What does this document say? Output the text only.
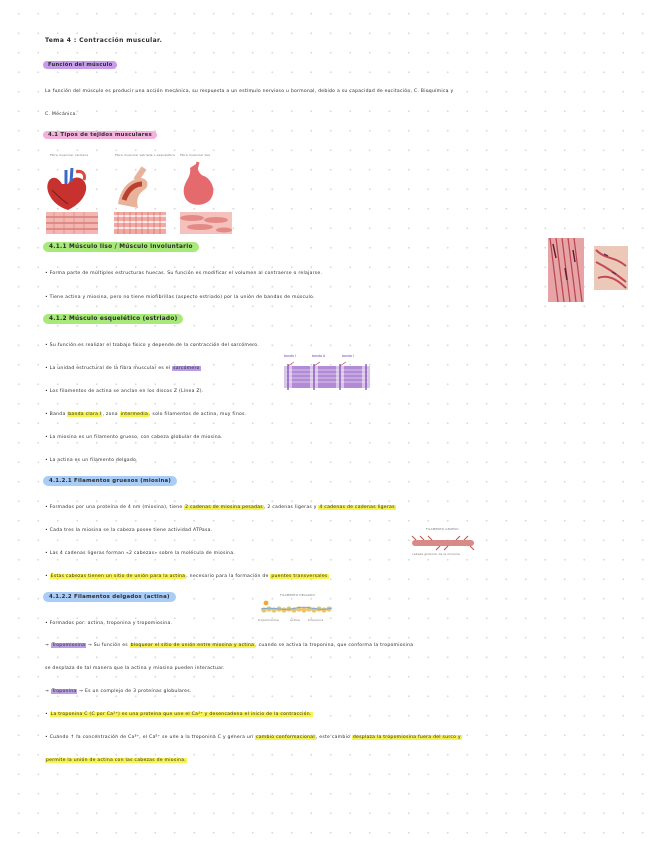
Tema 4 : Contracción muscular.
Función del músculo
La función del músculo es producir una acción mecánica, su respuesta a un estímulo nervioso u hormonal, debido a su capacidad de excitación, C. Bioquímica y
C. Mecánica.
4.1 Tipos de tejidos musculares
Fibra muscular cardíaca	Fibra muscular estriada o esquelética Fibra muscular lisa
4.1.1 Músculo liso / Músculo involuntario
• Forma parte de múltiples estructuras huecas. Su función es modificar el volumen al contraerse o relajarse.
• Tiene actina y miosina, pero no tiene miofibrillas (aspecto estriado) por la unión de bandas de músculo.
4.1.2 Músculo esquelético (estriado)
• Su función es realizar el trabajo físico y depende de la contracción del sarcómero.
• La unidad estructural de la fibra muscular es el sarcómero
• Los filamentos de actina se anclan en los discos Z (Línea Z).
• Banda banda clara I, zona intermedia, solo filamentos de actina, muy finos.
• La miosina es un filamento grueso, con cabeza globular de miosina.
• La actina es un filamento delgado.
banda I	banda A	banda I
4.1.2.1 Filamentos gruesos (miosina)
• Formados por una proteína de 4 nm (miosina), tiene 2 cadenas de miosina pesadas, 2 cadenas ligeras y 4 cadenas de cadenas ligeras
• Cada tres la miosina se la cabeza posee tiene actividad ATPasa.
• Las 4 cadenas ligeras forman «2 cabezas» sobre la molécula de miosina.
• Estas cabezas tienen un sitio de unión para la actina, necesario para la formación de puentes transversales
FILAMENTO GRUESO
cabeza globular de la miosina
4.1.2.2 Filamentos delgados (actina)
• Formados por: actina, troponina y tropomiosina.
FILAMENTO DELGADO
tropomiosina	actina	troponina
→ Tropomiosina → Su función es bloquear el sitio de unión entre miosina y actina, cuando se activa la troponina, que conforma la tropomiosina
se desplaza de tal manera que la actina y miosina pueden interactuar.
→ Troponina → Es un complejo de 3 proteínas globulares.
• La troponina C (C por Ca²⁺) es una proteína que une el Ca²⁺ y desencadena el inicio de la contracción.
• Cuando ↑ la concentración de Ca²⁺, el Ca²⁺ se une a la troponina C y genera un cambio conformacional, este cambio desplaza la tropomiosina fuera del surco y
permite la unión de actina con las cabezas de miosina.
